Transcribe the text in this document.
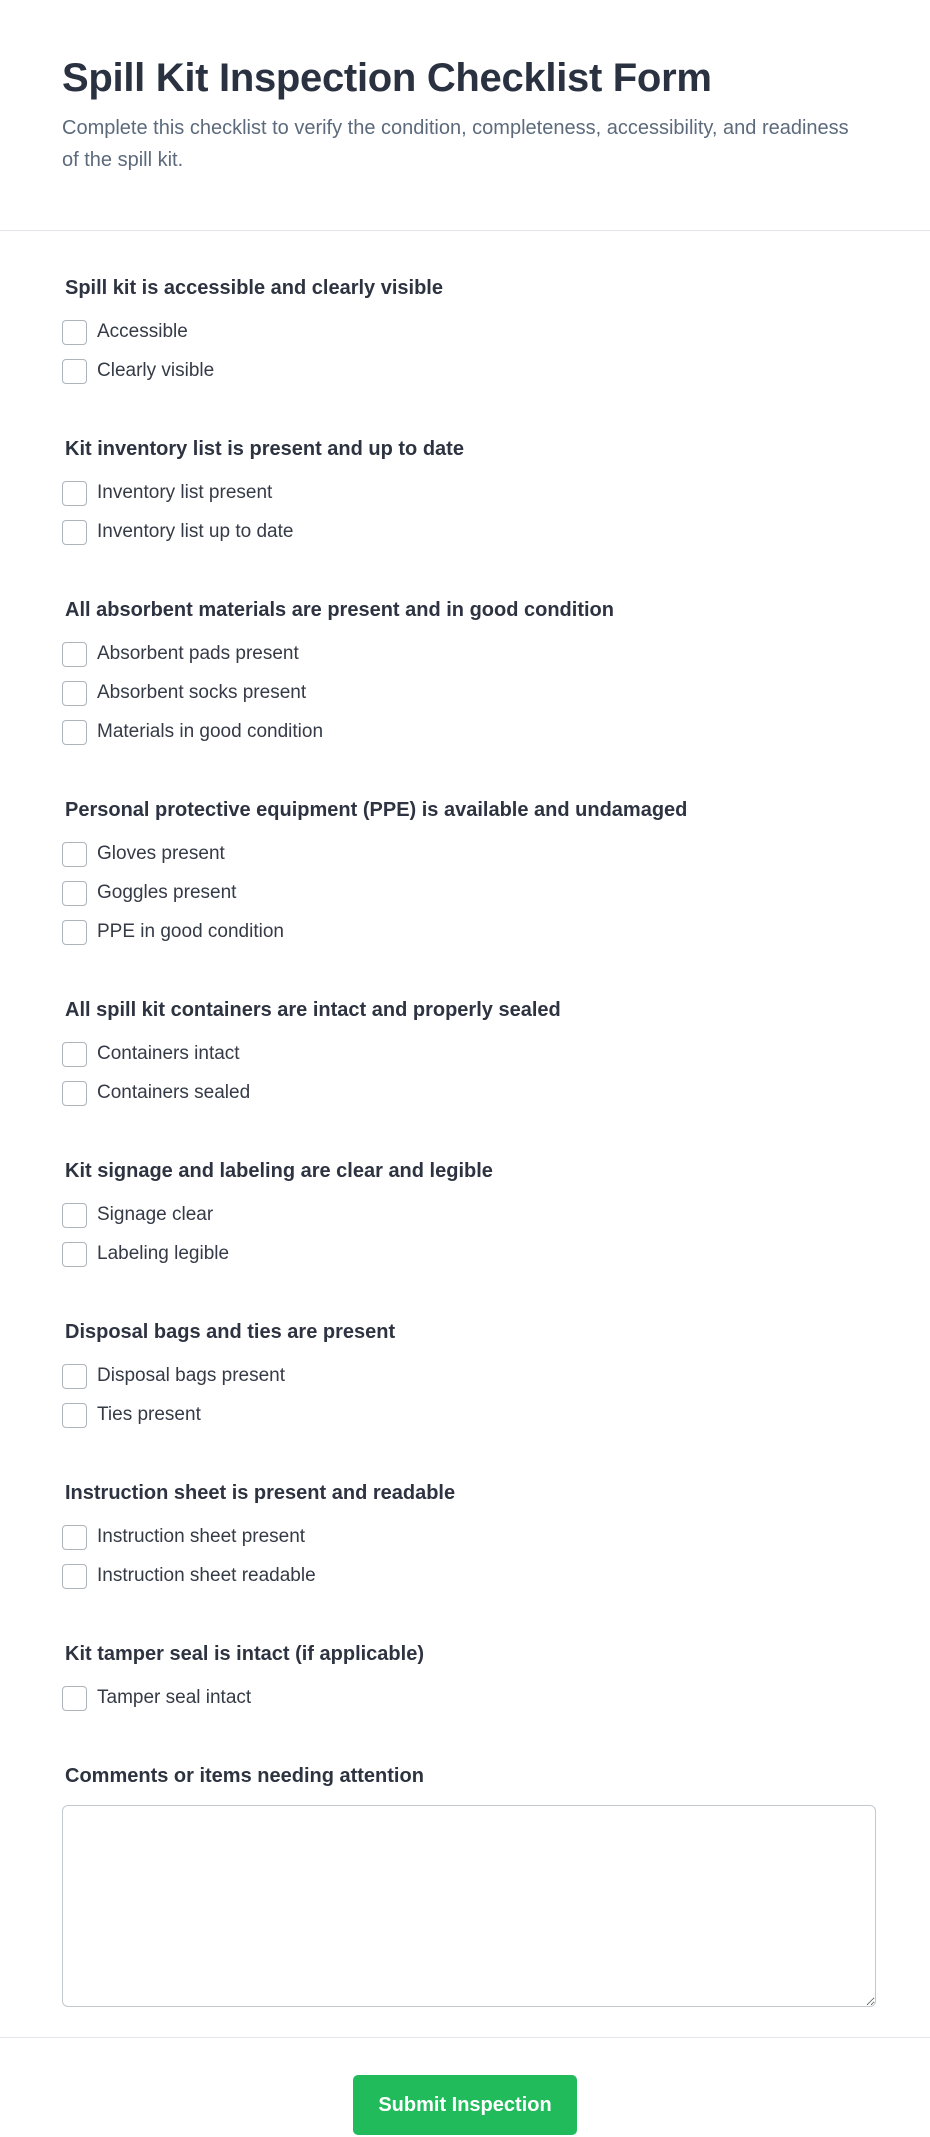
Spill Kit Inspection Checklist Form

Complete this checklist to verify the condition, completeness, accessibility, and readiness of the spill kit.

Spill kit is accessible and clearly visible
Accessible
Clearly visible
Kit inventory list is present and up to date
Inventory list present
Inventory list up to date
All absorbent materials are present and in good condition
Absorbent pads present
Absorbent socks present
Materials in good condition
Personal protective equipment (PPE) is available and undamaged
Gloves present
Goggles present
PPE in good condition
All spill kit containers are intact and properly sealed
Containers intact
Containers sealed
Kit signage and labeling are clear and legible
Signage clear
Labeling legible
Disposal bags and ties are present
Disposal bags present
Ties present
Instruction sheet is present and readable
Instruction sheet present
Instruction sheet readable
Kit tamper seal is intact (if applicable)
Tamper seal intact
Comments or items needing attention
Submit Inspection
